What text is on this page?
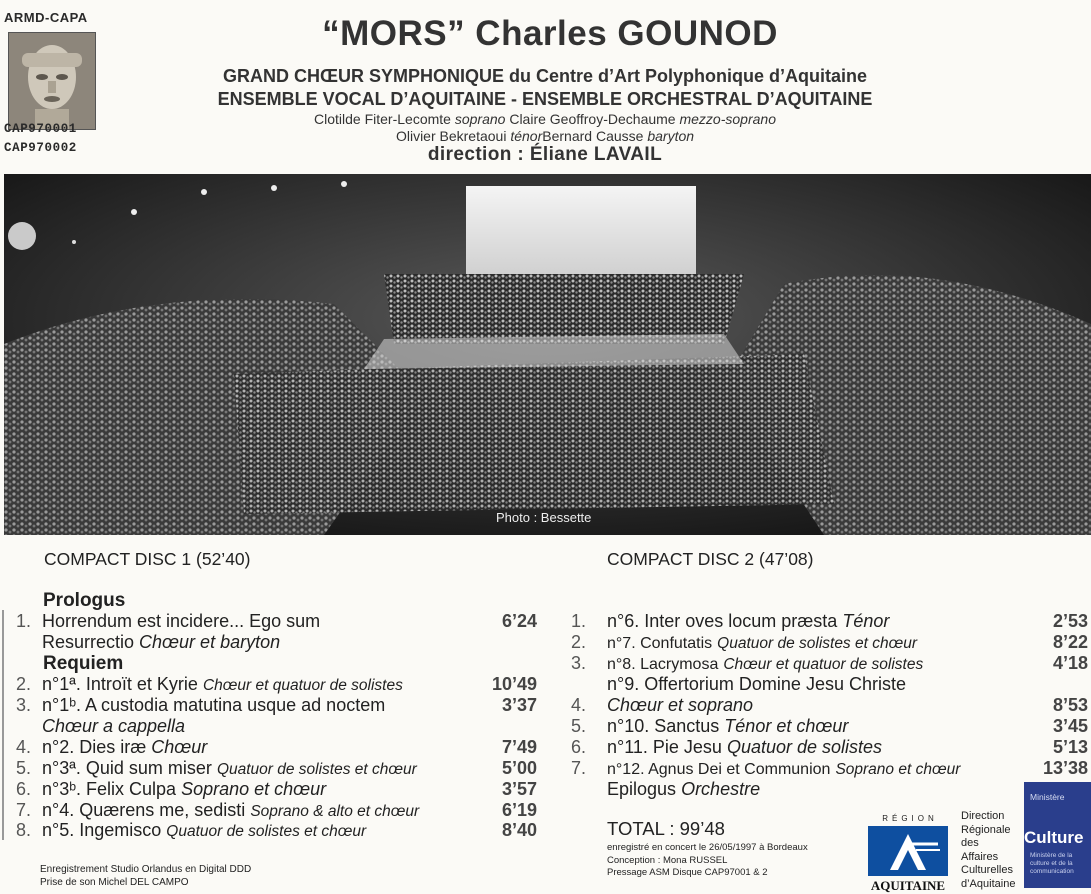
ARMD-CAPA
CAP970001
CAP970002
“MORS” Charles GOUNOD
GRAND CHŒUR SYMPHONIQUE du Centre d’Art Polyphonique d’Aquitaine
ENSEMBLE VOCAL D’AQUITAINE - ENSEMBLE ORCHESTRAL D’AQUITAINE
Clotilde Fiter-Lecomte soprano Claire Geoffroy-Dechaume mezzo-soprano
Olivier Bekretaoui ténorBernard Causse baryton
direction : Éliane LAVAIL
Photo : Bessette
COMPACT DISC 1 (52’40)
Prologus
1. Horrendum est incidere... Ego sum	6’24
Resurrectio Chœur et baryton
Requiem
2. n°1ª. Introït et Kyrie Chœur et quatuor de solistes	10’49
3. n°1ᵇ. A custodia matutina usque ad noctem	3’37
Chœur a cappella
4. n°2. Dies iræ Chœur	7’49
5. n°3ª. Quid sum miser Quatuor de solistes et chœur	5’00
6. n°3ᵇ. Felix Culpa Soprano et chœur	3’57
7. n°4. Quærens me, sedisti Soprano & alto et chœur	6’19
8. n°5. Ingemisco Quatuor de solistes et chœur	8’40
Enregistrement Studio Orlandus en Digital DDD
Prise de son Michel DEL CAMPO
COMPACT DISC 2 (47’08)
1. n°6. Inter oves locum præsta Ténor	2’53
2. n°7. Confutatis Quatuor de solistes et chœur	8’22
3. n°8. Lacrymosa Chœur et quatuor de solistes	4’18
n°9. Offertorium Domine Jesu Christe
4. Chœur et soprano	8’53
5. n°10. Sanctus Ténor et chœur	3’45
6. n°11. Pie Jesu Quatuor de solistes	5’13
7. n°12. Agnus Dei et Communion Soprano et chœur	13’38
Epilogus Orchestre
TOTAL : 99’48
enregistré en concert le 26/05/1997 à Bordeaux
Conception : Mona RUSSEL
Pressage ASM Disque CAP97001 & 2
RÉGION
AQUITAINE
Direction
Régionale
des
Affaires
Culturelles
d’Aquitaine
Ministère
Culture
Ministère de la culture et de la communication
